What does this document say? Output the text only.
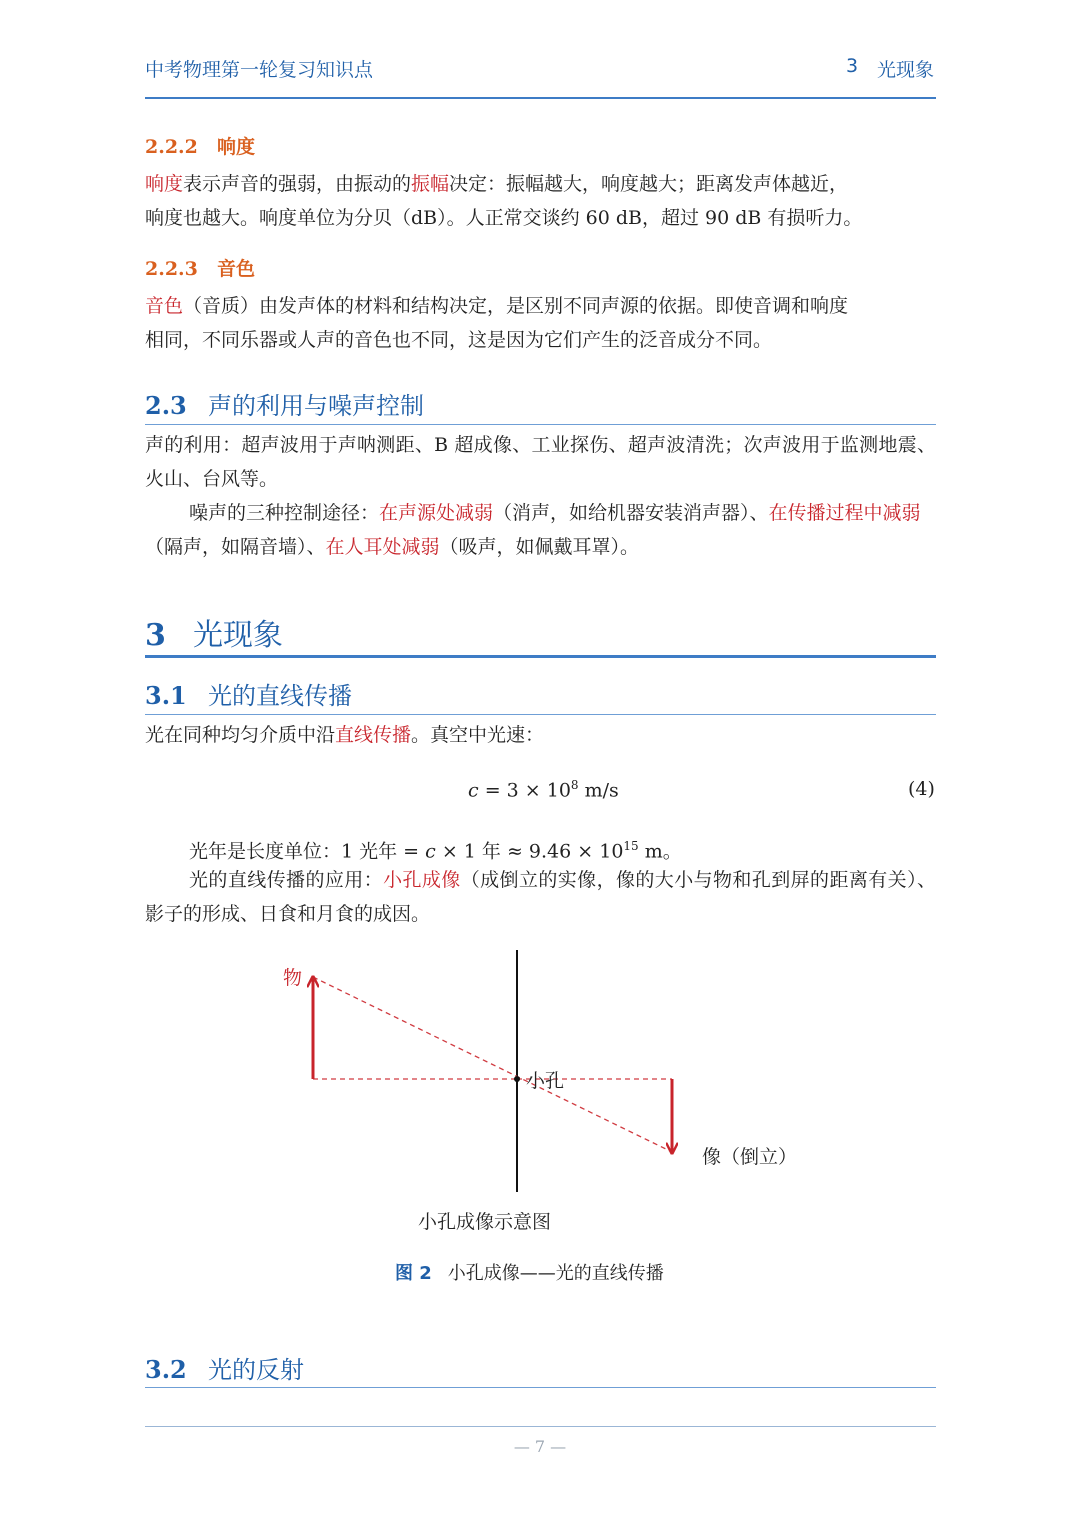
中考物理第一轮复习知识点	3 光现象
2.2.2 响度
响度表示声音的强弱，由振动的振幅决定：振幅越大，响度越大；距离发声体越近，
响度也越大。响度单位为分贝（dB）。人正常交谈约 60 dB，超过 90 dB 有损听力。
2.2.3 音色
音色（音质）由发声体的材料和结构决定，是区别不同声源的依据。即使音调和响度
相同，不同乐器或人声的音色也不同，这是因为它们产生的泛音成分不同。
2.3 声的利用与噪声控制
声的利用：超声波用于声呐测距、B 超成像、工业探伤、超声波清洗；次声波用于监测地震、火山、台风等。
噪声的三种控制途径：在声源处减弱（消声，如给机器安装消声器）、在传播过程中减弱（隔声，如隔音墙）、在人耳处减弱（吸声，如佩戴耳罩）。
3 光现象
3.1 光的直线传播
光在同种均匀介质中沿直线传播。真空中光速：
$c = 3 \times 10^8$ m/s	(4)
光年是长度单位：1 光年 = c × 1 年 ≈ $9.46 \times 10^{15}$ m。
光的直线传播的应用：小孔成像（成倒立的实像，像的大小与物和孔到屏的距离有关）、影子的形成、日食和月食的成因。
物
小孔
像（倒立）
小孔成像示意图
图 2 小孔成像——光的直线传播
3.2 光的反射
— 7 —
